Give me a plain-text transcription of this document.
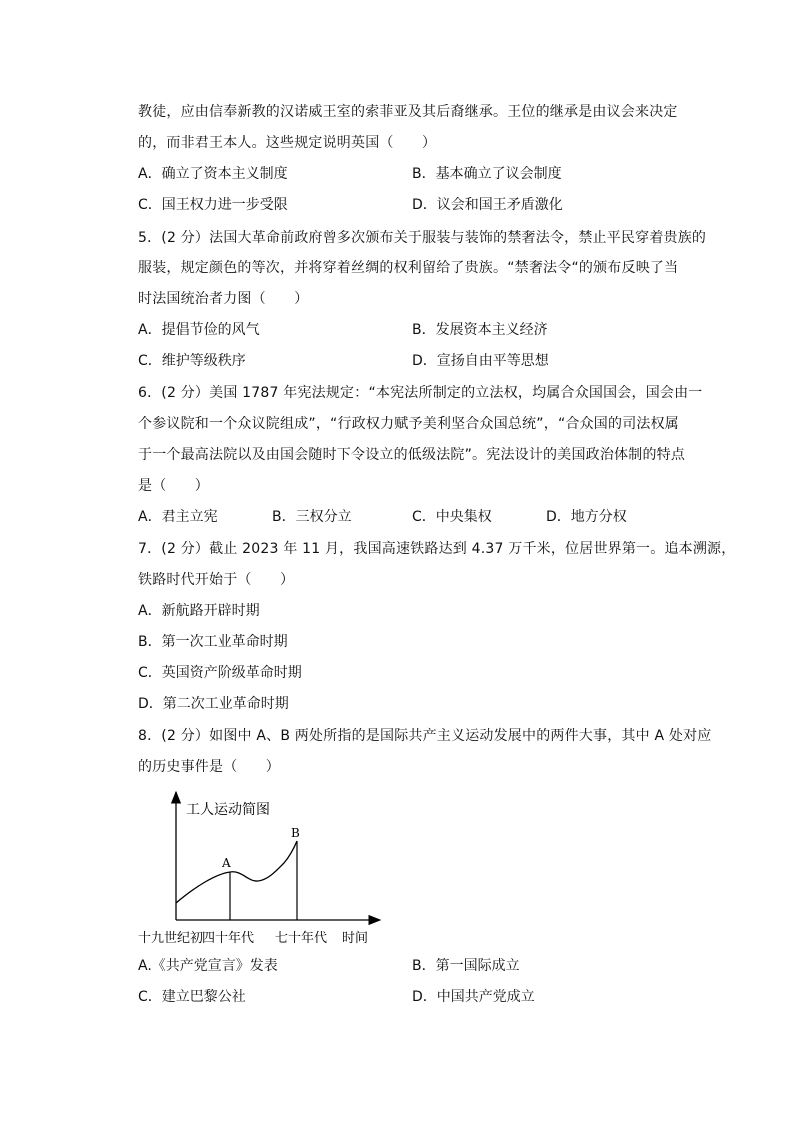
教徒，应由信奉新教的汉诺威王室的索菲亚及其后裔继承。王位的继承是由议会来决定
的，而非君王本人。这些规定说明英国（　　）
A．确立了资本主义制度	B．基本确立了议会制度
C．国王权力进一步受限	D．议会和国王矛盾激化
5．(2 分）法国大革命前政府曾多次颁布关于服装与装饰的禁奢法令，禁止平民穿着贵族的
服装，规定颜色的等次，并将穿着丝绸的权利留给了贵族。“禁奢法令“的颁布反映了当
时法国统治者力图（　　）
A．提倡节俭的风气	B．发展资本主义经济
C．维护等级秩序	D．宣扬自由平等思想
6．(2 分）美国 1787 年宪法规定：“本宪法所制定的立法权，均属合众国国会，国会由一
个参议院和一个众议院组成”，“行政权力赋予美利坚合众国总统”，“合众国的司法权属
于一个最高法院以及由国会随时下令设立的低级法院”。宪法设计的美国政治体制的特点
是（　　）
A．君主立宪	B．三权分立	C．中央集权	D．地方分权
7．(2 分）截止 2023 年 11 月，我国高速铁路达到 4.37 万千米，位居世界第一。追本溯源，
铁路时代开始于（　　）
A．新航路开辟时期
B．第一次工业革命时期
C．英国资产阶级革命时期
D．第二次工业革命时期
8．(2 分）如图中 A、B 两处所指的是国际共产主义运动发展中的两件大事，其中 A 处对应
的历史事件是（　　）
工人运动简图
A
B
十九世纪初
四十年代 七十年代 时间
A.《共产党宣言》发表	B．第一国际成立
C．建立巴黎公社	D．中国共产党成立
